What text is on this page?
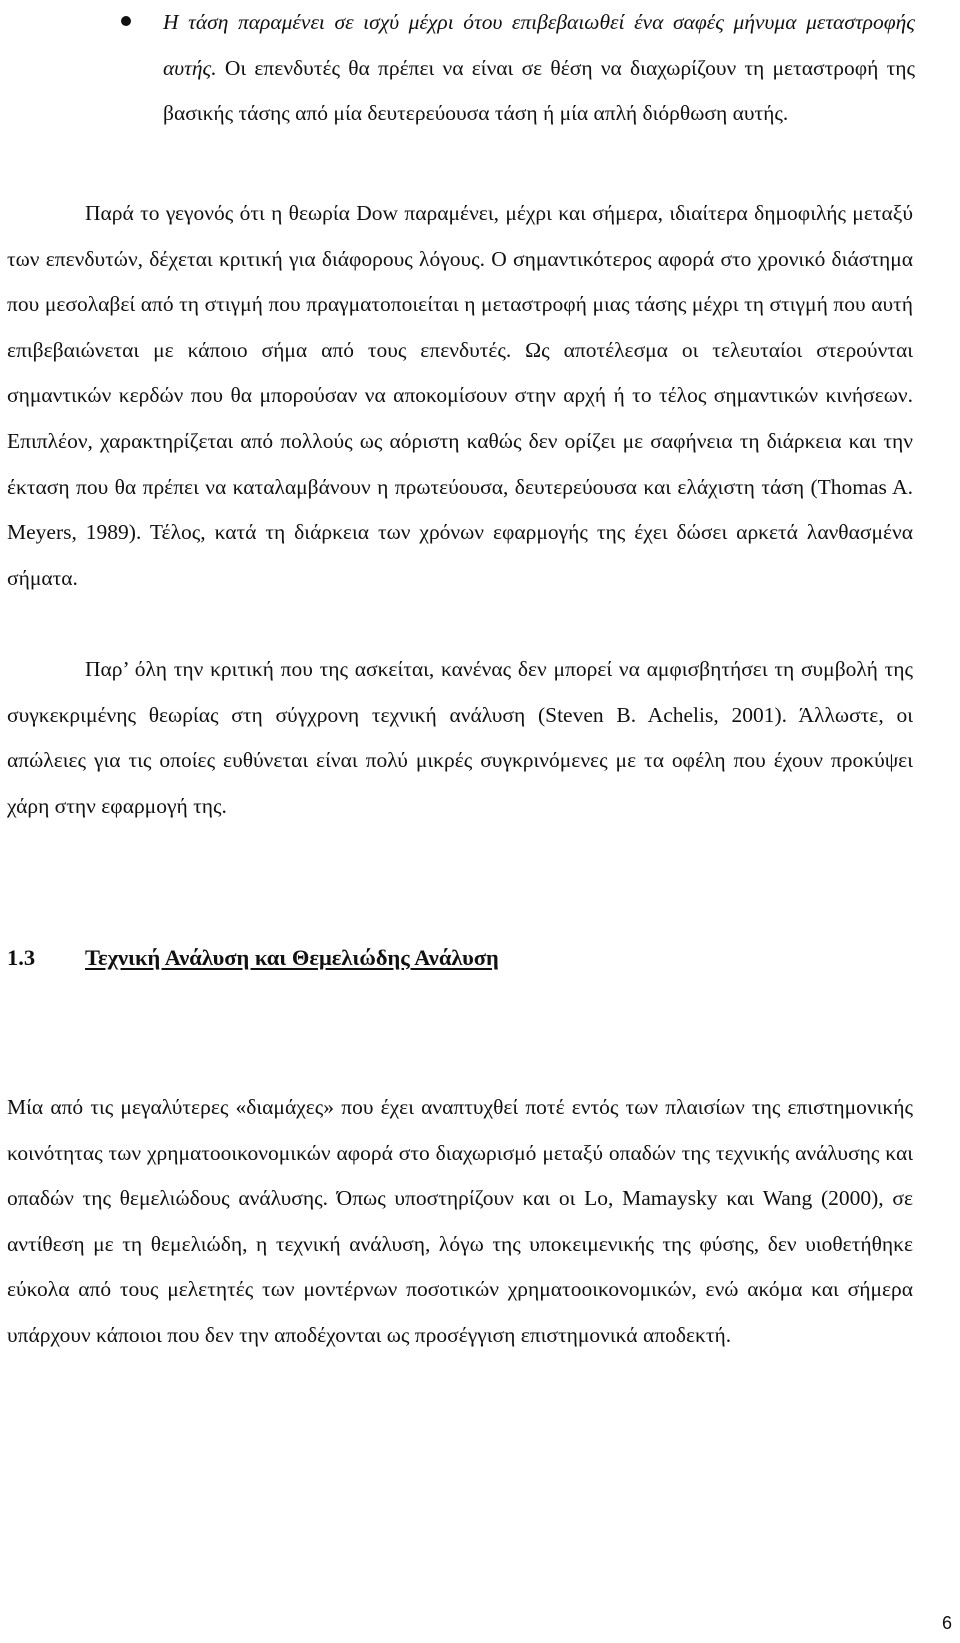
Η τάση παραμένει σε ισχύ μέχρι ότου επιβεβαιωθεί ένα σαφές μήνυμα μεταστροφής αυτής. Οι επενδυτές θα πρέπει να είναι σε θέση να διαχωρίζουν τη μεταστροφή της βασικής τάσης από μία δευτερεύουσα τάση ή μία απλή διόρθωση αυτής.
Παρά το γεγονός ότι η θεωρία Dow παραμένει, μέχρι και σήμερα, ιδιαίτερα δημοφιλής μεταξύ των επενδυτών, δέχεται κριτική για διάφορους λόγους. Ο σημαντικότερος αφορά στο χρονικό διάστημα που μεσολαβεί από τη στιγμή που πραγματοποιείται η μεταστροφή μιας τάσης μέχρι τη στιγμή που αυτή επιβεβαιώνεται με κάποιο σήμα από τους επενδυτές. Ως αποτέλεσμα οι τελευταίοι στερούνται σημαντικών κερδών που θα μπορούσαν να αποκομίσουν στην αρχή ή το τέλος σημαντικών κινήσεων. Επιπλέον, χαρακτηρίζεται από πολλούς ως αόριστη καθώς δεν ορίζει με σαφήνεια τη διάρκεια και την έκταση που θα πρέπει να καταλαμβάνουν η πρωτεύουσα, δευτερεύουσα και ελάχιστη τάση (Thomas A. Meyers, 1989). Τέλος, κατά τη διάρκεια των χρόνων εφαρμογής της έχει δώσει αρκετά λανθασμένα σήματα.
Παρ’ όλη την κριτική που της ασκείται, κανένας δεν μπορεί να αμφισβητήσει τη συμβολή της συγκεκριμένης θεωρίας στη σύγχρονη τεχνική ανάλυση (Steven B. Achelis, 2001). Άλλωστε, οι απώλειες για τις οποίες ευθύνεται είναι πολύ μικρές συγκρινόμενες με τα οφέλη που έχουν προκύψει χάρη στην εφαρμογή της.
1.3 Τεχνική Ανάλυση και Θεμελιώδης Ανάλυση
Μία από τις μεγαλύτερες «διαμάχες» που έχει αναπτυχθεί ποτέ εντός των πλαισίων της επιστημονικής κοινότητας των χρηματοοικονομικών αφορά στο διαχωρισμό μεταξύ οπαδών της τεχνικής ανάλυσης και οπαδών της θεμελιώδους ανάλυσης. Όπως υποστηρίζουν και οι Lo, Mamaysky και Wang (2000), σε αντίθεση με τη θεμελιώδη, η τεχνική ανάλυση, λόγω της υποκειμενικής της φύσης, δεν υιοθετήθηκε εύκολα από τους μελετητές των μοντέρνων ποσοτικών χρηματοοικονομικών, ενώ ακόμα και σήμερα υπάρχουν κάποιοι που δεν την αποδέχονται ως προσέγγιση επιστημονικά αποδεκτή.
6
